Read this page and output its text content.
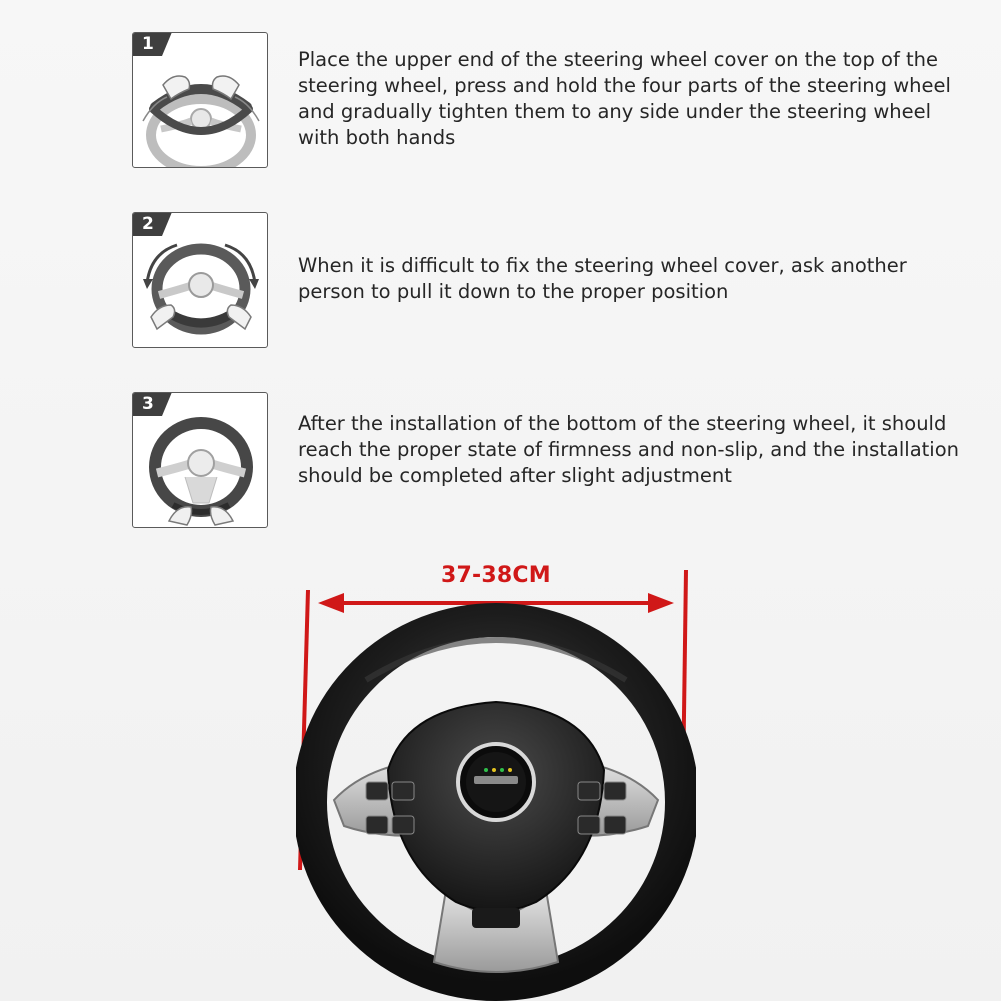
1
Place the upper end of the steering wheel cover on the top of the steering wheel, press and hold the four parts of the steering wheel and gradually tighten them to any side under the steering wheel with both hands
2
When it is difficult to fix the steering wheel cover, ask another person to pull it down to the proper position
3
After the installation of the bottom of the steering wheel, it should reach the proper state of firmness and non-slip, and the installation should be completed after slight adjustment
37-38CM
